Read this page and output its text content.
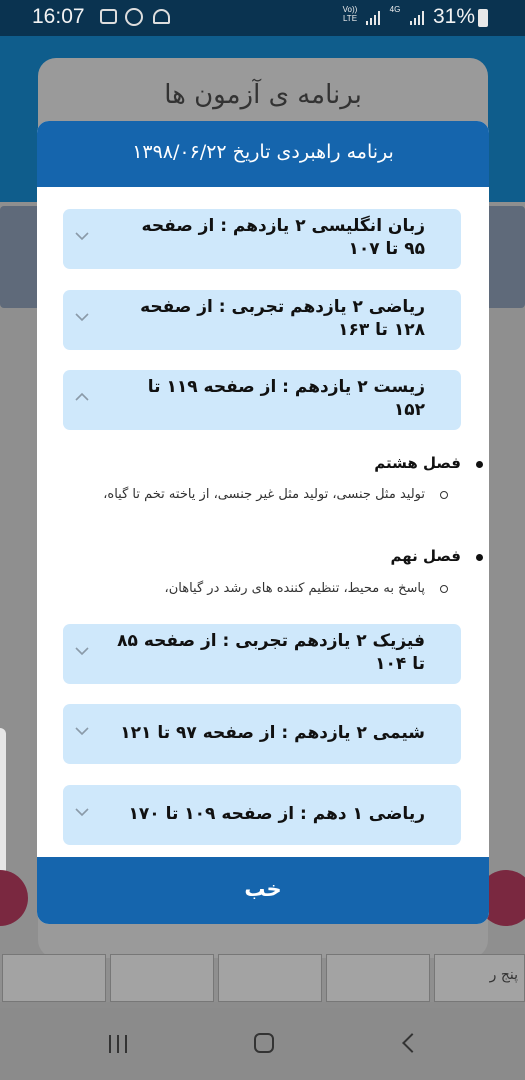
16:07	Vo)) LTE
4G 31%
برنامه ی آزمون ها
پنج ر
برنامه راهبردی تاریخ ۱۳۹۸/۰۶/۲۲
زبان انگلیسی ۲ یازدهم : از صفحه ۹۵ تا ۱۰۷
ریاضی ۲ یازدهم تجربی : از صفحه ۱۲۸ تا ۱۶۳
زیست ۲ یازدهم : از صفحه ۱۱۹ تا ۱۵۲
فصل هشتم
تولید مثل جنسی، تولید مثل غیر جنسی، از یاخته تخم تا گیاه،
فصل نهم
پاسخ به محیط، تنظیم کننده های رشد در گیاهان،
فیزیک ۲ یازدهم تجربی : از صفحه ۸۵ تا ۱۰۴
شیمی ۲ یازدهم : از صفحه ۹۷ تا ۱۲۱
ریاضی ۱ دهم : از صفحه ۱۰۹ تا ۱۷۰
خب
